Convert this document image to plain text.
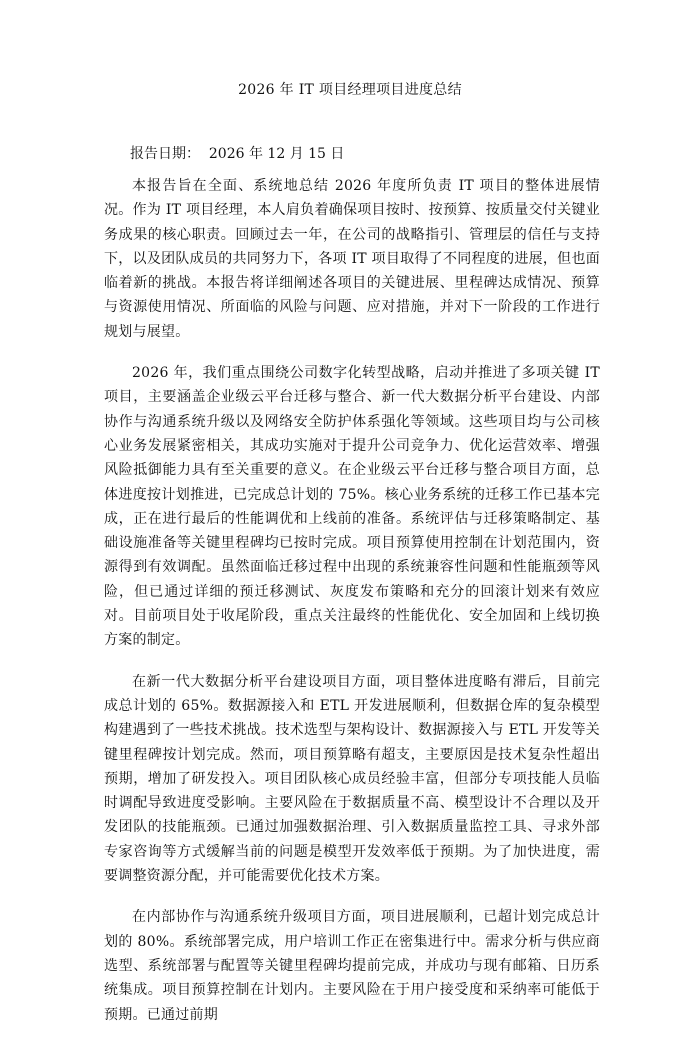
2026 年 IT 项目经理项目进度总结
报告日期：  2026 年 12 月 15 日

本报告旨在全面、系统地总结 2026 年度所负责 IT 项目的整体进展情况。作为 IT 项目经理，本人肩负着确保项目按时、按预算、按质量交付关键业务成果的核心职责。回顾过去一年，在公司的战略指引、管理层的信任与支持下，以及团队成员的共同努力下，各项 IT 项目取得了不同程度的进展，但也面临着新的挑战。本报告将详细阐述各项目的关键进展、里程碑达成情况、预算与资源使用情况、所面临的风险与问题、应对措施，并对下一阶段的工作进行规划与展望。

2026 年，我们重点围绕公司数字化转型战略，启动并推进了多项关键 IT 项目，主要涵盖企业级云平台迁移与整合、新一代大数据分析平台建设、内部协作与沟通系统升级以及网络安全防护体系强化等领域。这些项目均与公司核心业务发展紧密相关，其成功实施对于提升公司竞争力、优化运营效率、增强风险抵御能力具有至关重要的意义。在企业级云平台迁移与整合项目方面，总体进度按计划推进，已完成总计划的 75%。核心业务系统的迁移工作已基本完成，正在进行最后的性能调优和上线前的准备。系统评估与迁移策略制定、基础设施准备等关键里程碑均已按时完成。项目预算使用控制在计划范围内，资源得到有效调配。虽然面临迁移过程中出现的系统兼容性问题和性能瓶颈等风险，但已通过详细的预迁移测试、灰度发布策略和充分的回滚计划来有效应对。目前项目处于收尾阶段，重点关注最终的性能优化、安全加固和上线切换方案的制定。

在新一代大数据分析平台建设项目方面，项目整体进度略有滞后，目前完成总计划的 65%。数据源接入和 ETL 开发进展顺利，但数据仓库的复杂模型构建遇到了一些技术挑战。技术选型与架构设计、数据源接入与 ETL 开发等关键里程碑按计划完成。然而，项目预算略有超支，主要原因是技术复杂性超出预期，增加了研发投入。项目团队核心成员经验丰富，但部分专项技能人员临时调配导致进度受影响。主要风险在于数据质量不高、模型设计不合理以及开发团队的技能瓶颈。已通过加强数据治理、引入数据质量监控工具、寻求外部专家咨询等方式缓解当前的问题是模型开发效率低于预期。为了加快进度，需要调整资源分配，并可能需要优化技术方案。

在内部协作与沟通系统升级项目方面，项目进展顺利，已超计划完成总计划的 80%。系统部署完成，用户培训工作正在密集进行中。需求分析与供应商选型、系统部署与配置等关键里程碑均提前完成，并成功与现有邮箱、日历系统集成。项目预算控制在计划内。主要风险在于用户接受度和采纳率可能低于预期。已通过前期
